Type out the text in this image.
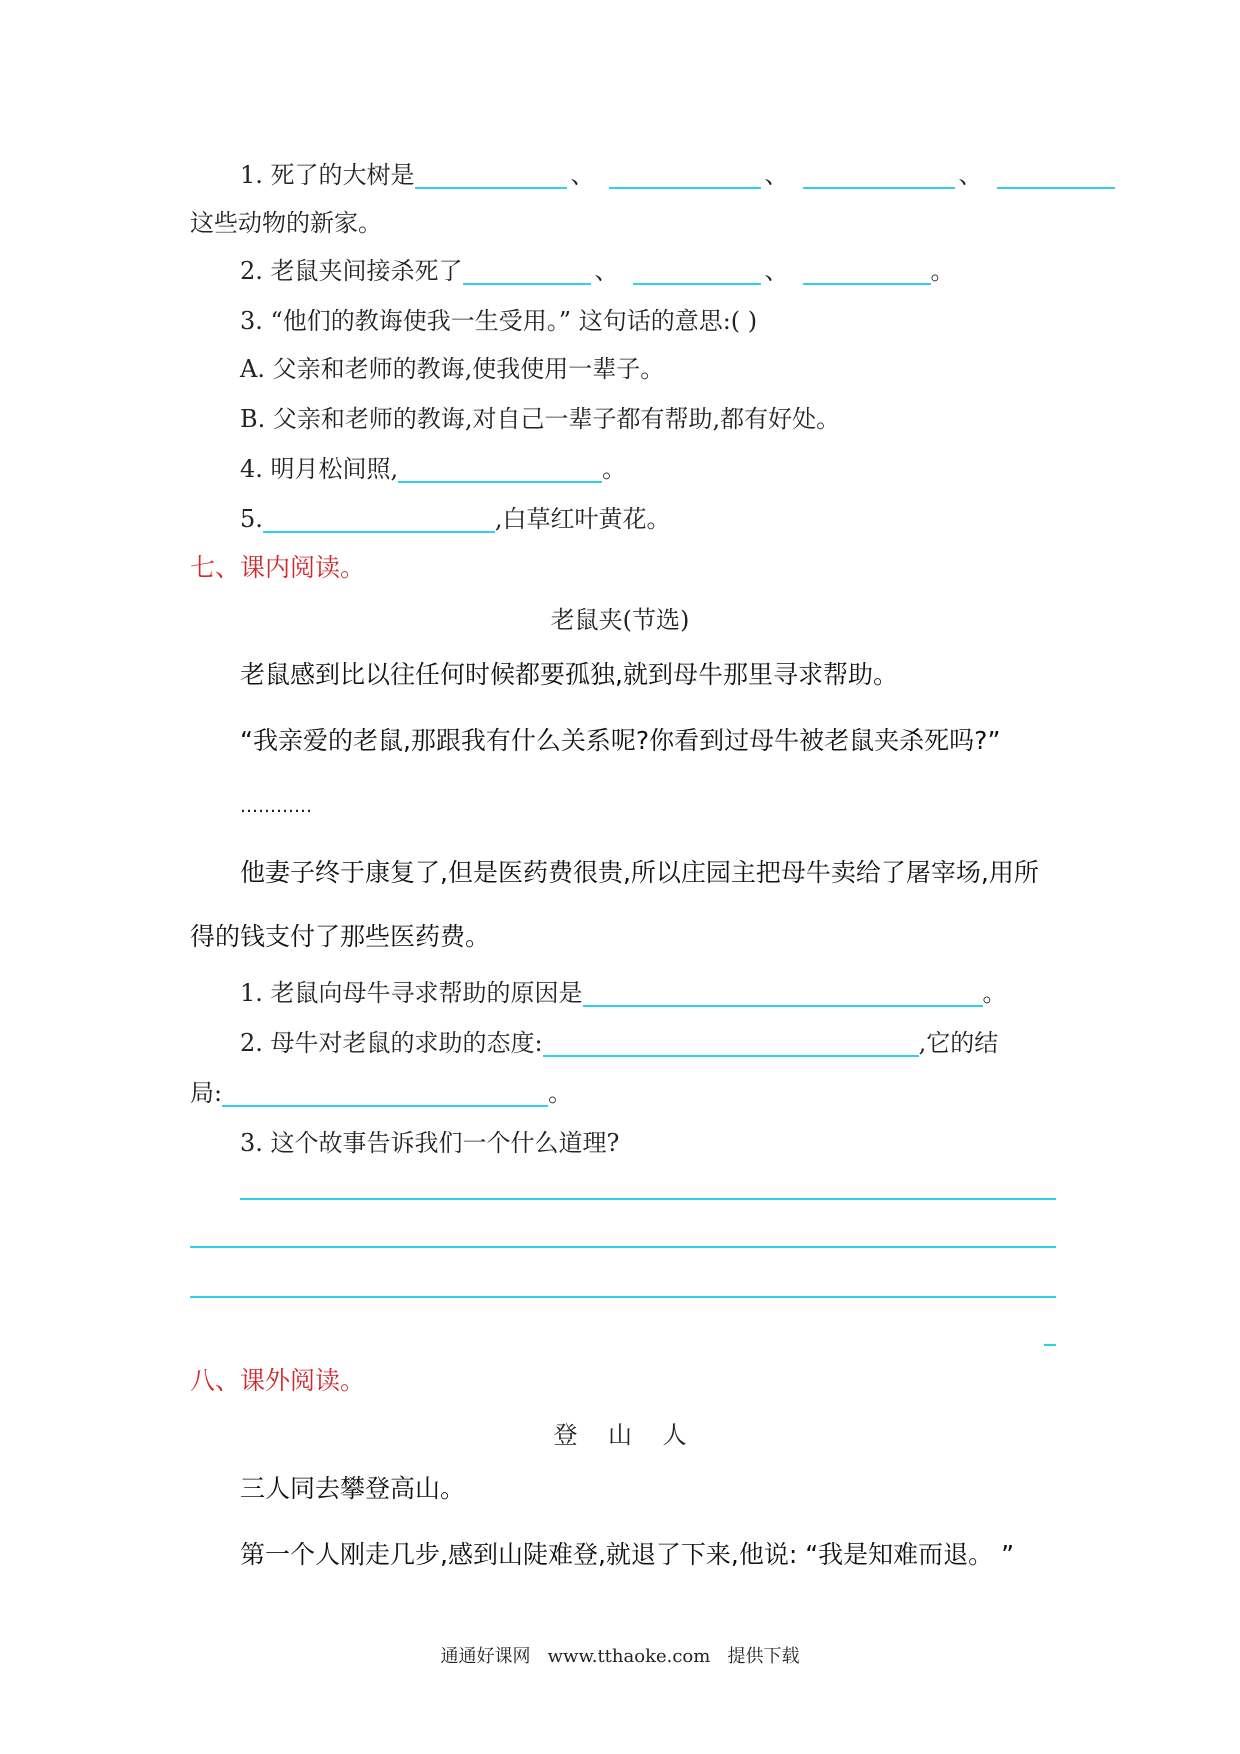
1. 死了的大树是	、	、	、
这些动物的新家。
2. 老鼠夹间接杀死了	、	、	。
3. “他们的教诲使我一生受用。” 这句话的意思:( )
A. 父亲和老师的教诲,使我使用一辈子。
B. 父亲和老师的教诲,对自己一辈子都有帮助,都有好处。
4. 明月松间照,	。
5.	,白草红叶黄花。
七、课内阅读。
老鼠夹(节选)
老鼠感到比以往任何时候都要孤独,就到母牛那里寻求帮助。
“我亲爱的老鼠,那跟我有什么关系呢?你看到过母牛被老鼠夹杀死吗?”
…………
他妻子终于康复了,但是医药费很贵,所以庄园主把母牛卖给了屠宰场,用所
得的钱支付了那些医药费。
1. 老鼠向母牛寻求帮助的原因是	。
2. 母牛对老鼠的求助的态度:	,它的结
局:	。
3. 这个故事告诉我们一个什么道理?
八、课外阅读。
登    山    人
三人同去攀登高山。
第一个人刚走几步,感到山陡难登,就退了下来,他说: “我是知难而退。 ”
通通好课网   www.tthaoke.com   提供下载
